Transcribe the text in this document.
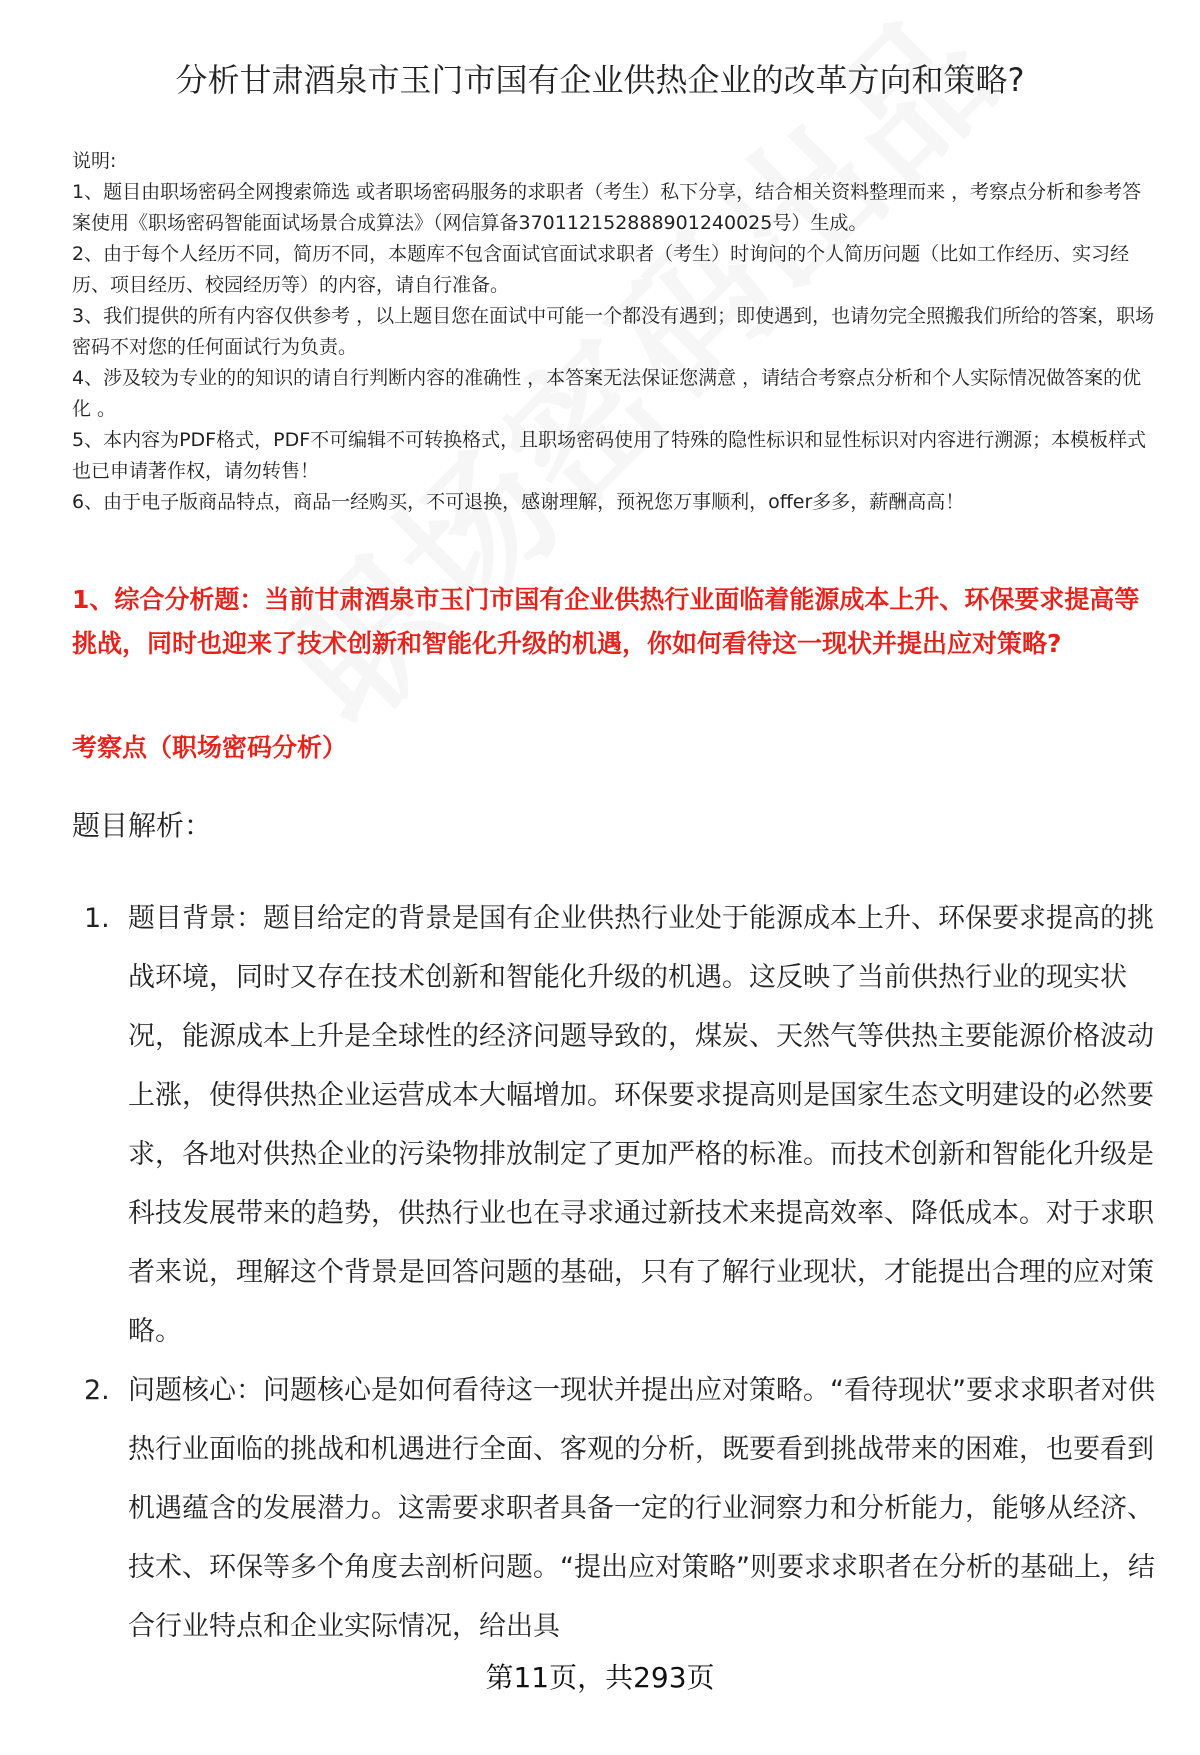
分析甘肃酒泉市玉门市国有企业供热企业的改革方向和策略?

说明:

1、题目由职场密码全网搜索筛选 或者职场密码服务的求职者（考生）私下分享，结合相关资料整理而来 ，考察点分析和参考答案使用《职场密码智能面试场景合成算法》（网信算备370112152888901240025号）生成。

2、由于每个人经历不同，简历不同，本题库不包含面试官面试求职者（考生）时询问的个人简历问题（比如工作经历、实习经历、项目经历、校园经历等）的内容，请自行准备。

3、我们提供的所有内容仅供参考 ，以上题目您在面试中可能一个都没有遇到；即使遇到，也请勿完全照搬我们所给的答案，职场密码不对您的任何面试行为负责。

4、涉及较为专业的的知识的请自行判断内容的准确性 ，本答案无法保证您满意 ，请结合考察点分析和个人实际情况做答案的优化 。

5、本内容为PDF格式，PDF不可编辑不可转换格式，且职场密码使用了特殊的隐性标识和显性标识对内容进行溯源；本模板样式也已申请著作权，请勿转售！

6、由于电子版商品特点，商品一经购买，不可退换，感谢理解，预祝您万事顺利，offer多多，薪酬高高！

1、综合分析题：当前甘肃酒泉市玉门市国有企业供热行业面临着能源成本上升、环保要求提高等挑战，同时也迎来了技术创新和智能化升级的机遇，你如何看待这一现状并提出应对策略?
考察点（职场密码分析）
题目解析：
1. 题目背景：题目给定的背景是国有企业供热行业处于能源成本上升、环保要求提高的挑战环境，同时又存在技术创新和智能化升级的机遇。这反映了当前供热行业的现实状况，能源成本上升是全球性的经济问题导致的，煤炭、天然气等供热主要能源价格波动上涨，使得供热企业运营成本大幅增加。环保要求提高则是国家生态文明建设的必然要求，各地对供热企业的污染物排放制定了更加严格的标准。而技术创新和智能化升级是科技发展带来的趋势，供热行业也在寻求通过新技术来提高效率、降低成本。对于求职者来说，理解这个背景是回答问题的基础，只有了解行业现状，才能提出合理的应对策略。
2. 问题核心：问题核心是如何看待这一现状并提出应对策略。“看待现状”要求求职者对供热行业面临的挑战和机遇进行全面、客观的分析，既要看到挑战带来的困难，也要看到机遇蕴含的发展潜力。这需要求职者具备一定的行业洞察力和分析能力，能够从经济、技术、环保等多个角度去剖析问题。“提出应对策略”则要求求职者在分析的基础上，结合行业特点和企业实际情况，给出具
第11页，共293页
